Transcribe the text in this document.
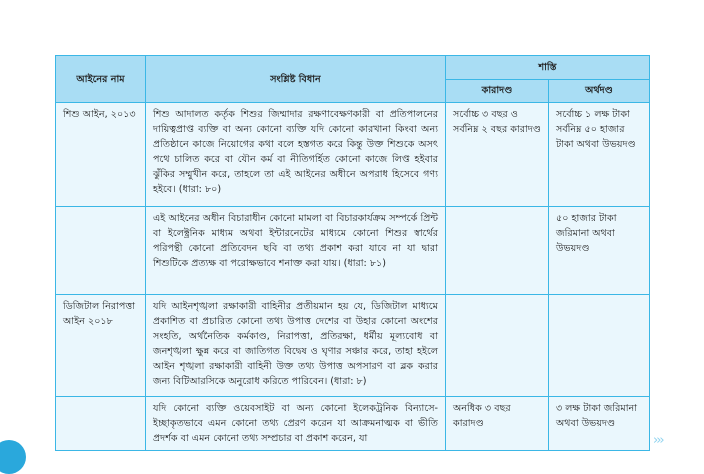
আইনের নাম	সংশ্লিষ্ট বিধান	শাস্তি	
		কারাদণ্ড	অর্থদণ্ড
শিশু আইন, ২০১৩	শিশু আদালত কর্তৃক শিশুর জিম্মাদার রক্ষণাবেক্ষণকারী বা প্রতিপালনের দায়িত্বপ্রাপ্ত ব্যক্তি বা অন্য কোনো ব্যক্তি যদি কোনো কারখানা কিংবা অন্য প্রতিষ্ঠানে কাজে নিয়োগের কথা বলে হস্তগত করে কিন্তু উক্ত শিশুকে অসৎ পথে চালিত করে বা যৌন কর্ম বা নীতিগর্হিত কোনো কাজে লিপ্ত হইবার ঝুঁকির সম্মুখীন করে, তাহলে তা এই আইনের অধীনে অপরাধ হিসেবে গণ্য হইবে। (ধারা: ৮০)	সর্বোচ্চ ৩ বছর ও সর্বনিম্ন ২ বছর কারাদণ্ড	সর্বোচ্চ ১ লক্ষ টাকা সর্বনিম্ন ৫০ হাজার টাকা অথবা উভয়দণ্ড
	এই আইনের অধীন বিচারাধীন কোনো মামলা বা বিচারকার্যক্রম সম্পর্কে প্রিন্ট বা ইলেক্ট্রনিক মাধ্যম অথবা ইন্টারনেটের মাধ্যমে কোনো শিশুর স্বার্থের পরিপন্থী কোনো প্রতিবেদন ছবি বা তথ্য প্রকাশ করা যাবে না যা দ্বারা শিশুটিকে প্রত্যক্ষ বা পরোক্ষভাবে শনাক্ত করা যায়। (ধারা: ৮১)		৫০ হাজার টাকা জরিমানা অথবা উভয়দণ্ড
ডিজিটাল নিরাপত্তা আইন ২০১৮	যদি আইনশৃঙ্খলা রক্ষাকারী বাহিনীর প্রতীয়মান হয় যে, ডিজিটাল মাধ্যমে প্রকাশিত বা প্রচারিত কোনো তথ্য উপাত্ত দেশের বা উহার কোনো অংশের সংহতি, অর্থনৈতিক কর্মকাণ্ড, নিরাপত্তা, প্রতিরক্ষা, ধর্মীয় মূল্যবোধ বা জনশৃঙ্খলা ক্ষুন্ন করে বা জাতিগত বিদ্বেষ ও ঘৃণার সঞ্চার করে, তাহা হইলে আইন শৃঙ্খলা রক্ষাকারী বাহিনী উক্ত তথ্য উপাত্ত অপসারণ বা ব্লক করার জন্য বিটিআরসিকে অনুরোধ করিতে পারিবেন। (ধারা: ৮)		
	যদি কোনো ব্যক্তি ওয়েবসাইট বা অন্য কোনো ইলেকট্রনিক বিন্যাসে- ইচ্ছাকৃতভাবে এমন কোনো তথ্য প্রেরণ করেন যা আক্রমনাত্মক বা ভীতি প্রদর্শক বা এমন কোনো তথ্য সম্প্রচার বা প্রকাশ করেন, যা	অনধিক ৩ বছর কারাদণ্ড	৩ লক্ষ টাকা জরিমানা অথবা উভয়দণ্ড
›››
